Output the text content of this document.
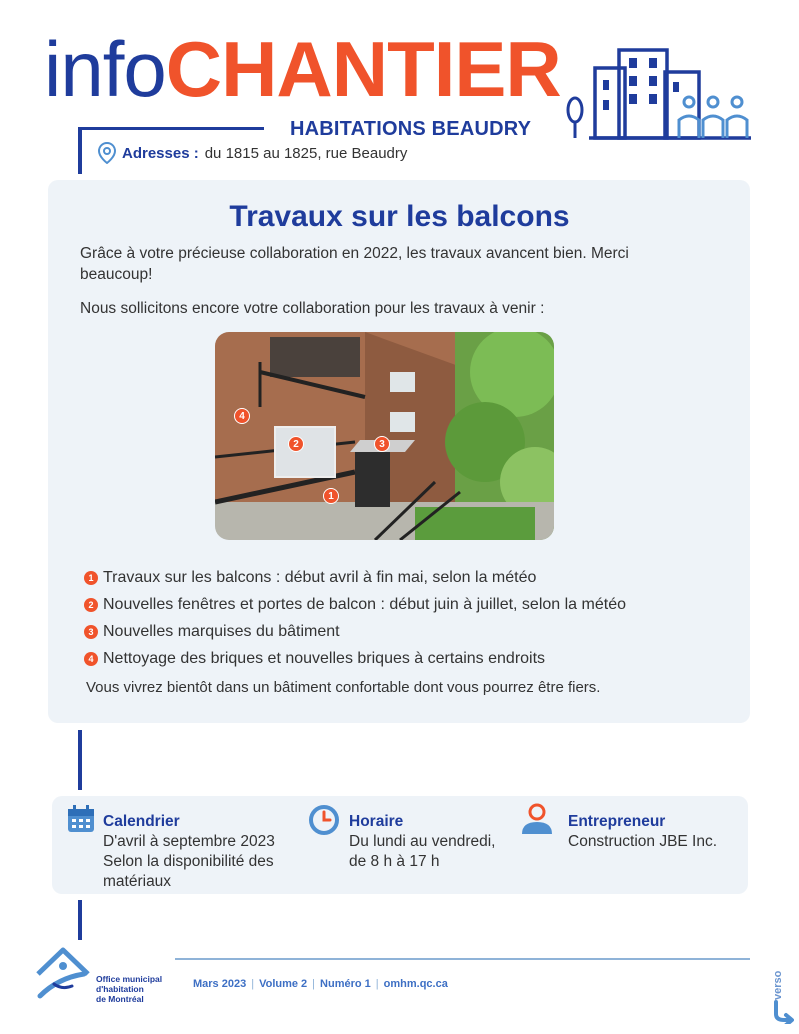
infoCHANTIER
HABITATIONS BEAUDRY
Adresses : du 1815 au 1825, rue Beaudry
Travaux sur les balcons
Grâce à votre précieuse collaboration en 2022, les travaux avancent bien. Merci beaucoup!
Nous sollicitons encore votre collaboration pour les travaux à venir :
4
2	3
1
1 Travaux sur les balcons : début avril à fin mai, selon la météo
2 Nouvelles fenêtres et portes de balcon : début juin à juillet, selon la météo
3 Nouvelles marquises du bâtiment
4 Nettoyage des briques et nouvelles briques à certains endroits
Vous vivrez bientôt dans un bâtiment confortable dont vous pourrez être fiers.
Calendrier
D'avril à septembre 2023
Selon la disponibilité des
matériaux
Horaire
Du lundi au vendredi,
de 8 h à 17 h
Entrepreneur
Construction JBE Inc.
Office municipal
d'habitation
de Montréal
Mars 2023 | Volume 2 | Numéro 1 | omhm.qc.ca	verso
